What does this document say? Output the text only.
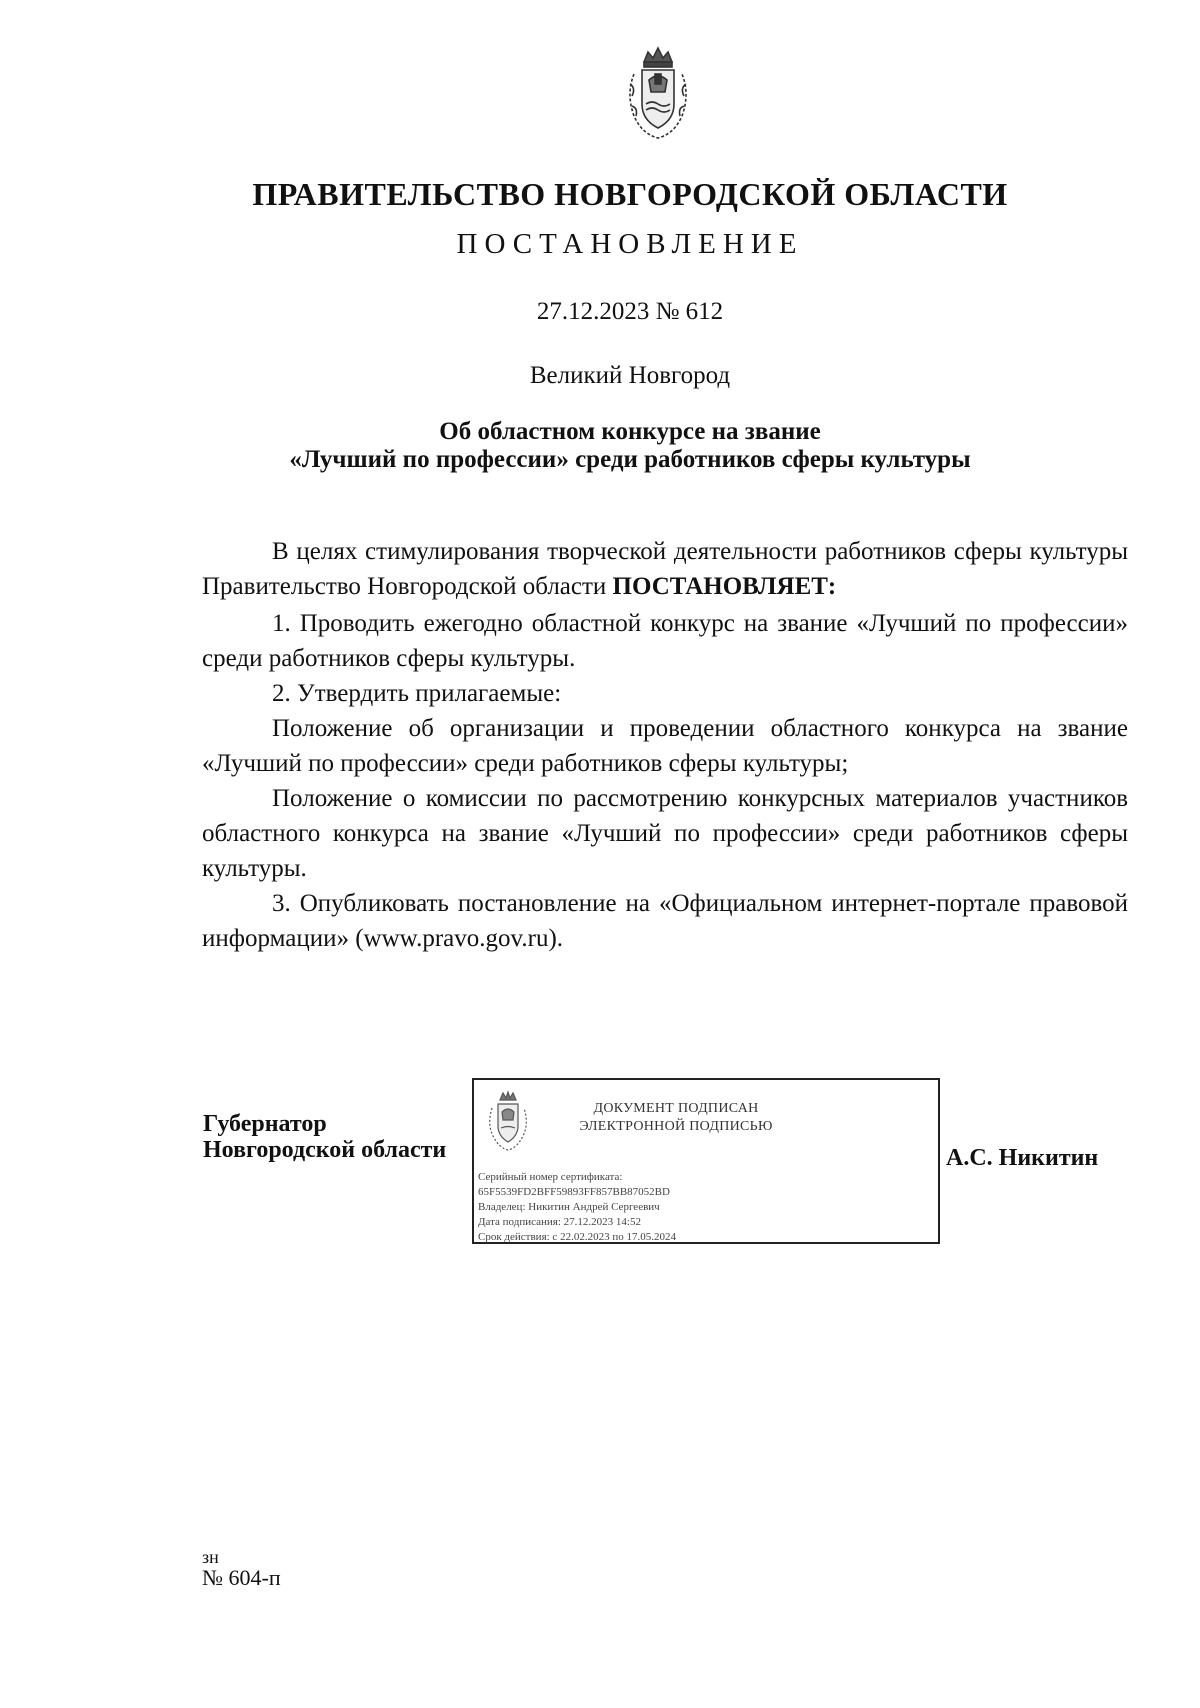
ПРАВИТЕЛЬСТВО НОВГОРОДСКОЙ ОБЛАСТИ
ПОСТАНОВЛЕНИЕ
27.12.2023 № 612
Великий Новгород
Об областном конкурсе на звание
«Лучший по профессии» среди работников сферы культуры

В целях стимулирования творческой деятельности работников сферы культуры Правительство Новгородской области ПОСТАНОВЛЯЕТ:

1. Проводить ежегодно областной конкурс на звание «Лучший по профессии» среди работников сферы культуры.

2. Утвердить прилагаемые:

Положение об организации и проведении областного конкурса на звание «Лучший по профессии» среди работников сферы культуры;

Положение о комиссии по рассмотрению конкурсных материалов участников областного конкурса на звание «Лучший по профессии» среди работников сферы культуры.

3. Опубликовать постановление на «Официальном интернет-портале правовой информации» (www.pravo.gov.ru).

Губернатор
Новгородской области
ДОКУМЕНТ ПОДПИСАН
ЭЛЕКТРОННОЙ ПОДПИСЬЮ
Серийный номер сертификата:
65F5539FD2BFF59893FF857BB87052BD
Владелец: Никитин Андрей Сергеевич
Дата подписания: 27.12.2023 14:52
Срок действия: с 22.02.2023 по 17.05.2024
А.С. Никитин
зн
№ 604-п
